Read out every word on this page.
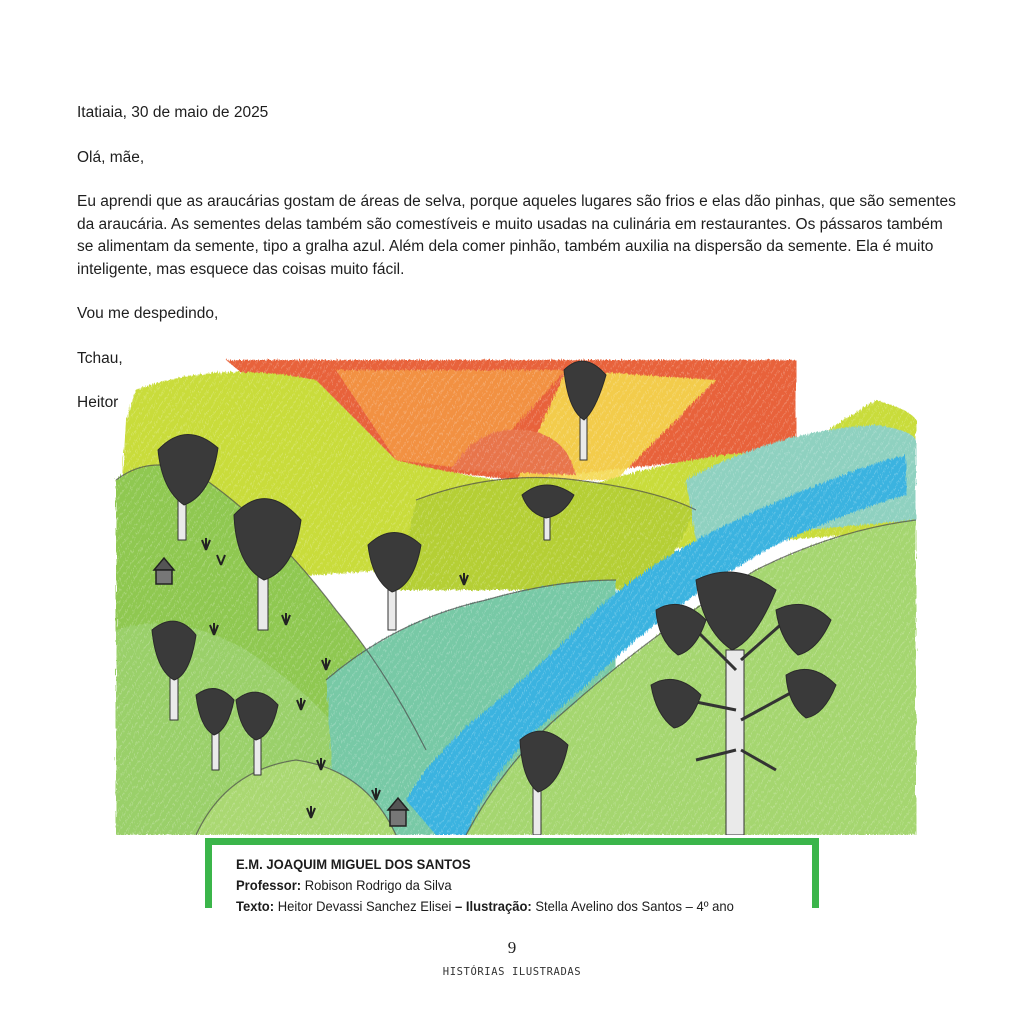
Itatiaia, 30 de maio de 2025

Olá, mãe,

Eu aprendi que as araucárias gostam de áreas de selva, porque aqueles lugares são frios e elas dão pinhas, que são sementes da araucária. As sementes delas também são comestíveis e muito usadas na culinária em restaurantes. Os pássaros também se alimentam da semente, tipo a gralha azul. Além dela comer pinhão, também auxilia na dispersão da semente. Ela é muito inteligente, mas esquece das coisas muito fácil.

Vou me despedindo,

Tchau,

Heitor

E.M. JOAQUIM MIGUEL DOS SANTOS
Professor: Robison Rodrigo da Silva
Texto: Heitor Devassi Sanchez Elisei – Ilustração: Stella Avelino dos Santos – 4º ano
9
HISTÓRIAS ILUSTRADAS
